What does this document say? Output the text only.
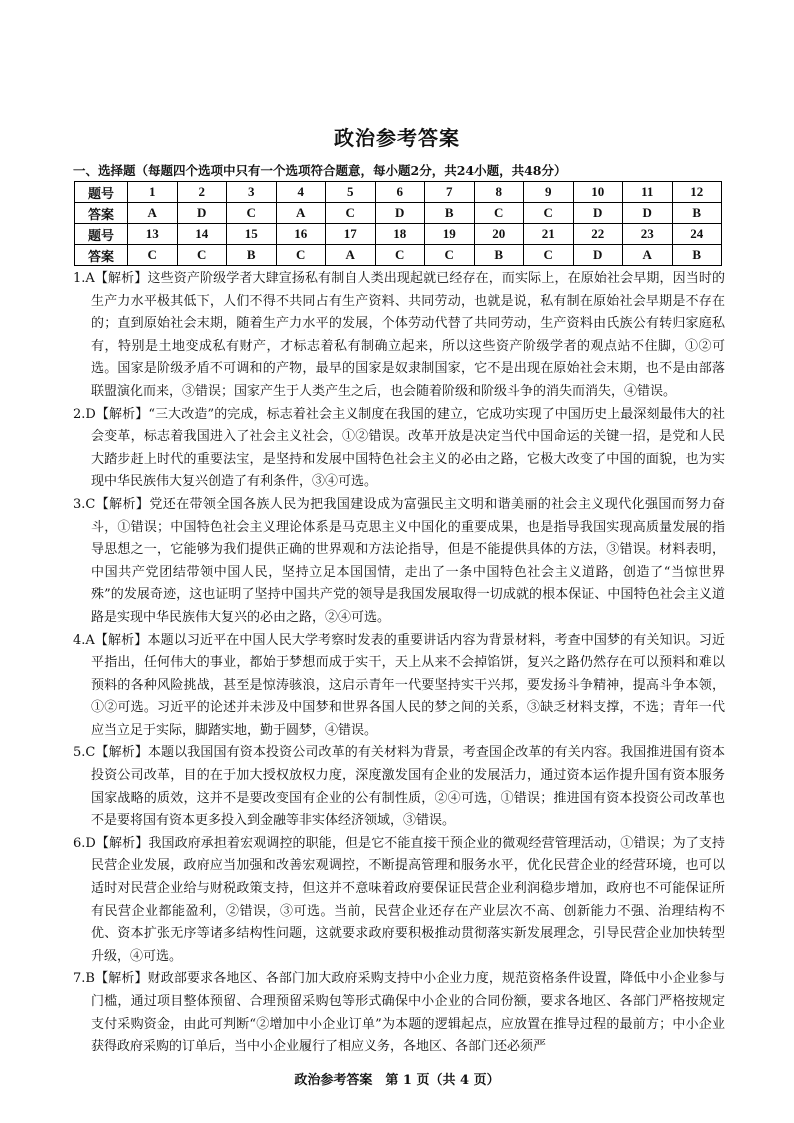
政治参考答案
一、选择题（每题四个选项中只有一个选项符合题意，每小题2分，共24小题，共48分）
题号	1	2	3	4	5	6	7	8	9	10	11	12
答案	A	D	C	A	C	D	B	C	C	D	D	B
题号	13	14	15	16	17	18	19	20	21	22	23	24
答案	C	C	B	C	A	C	C	B	C	D	A	B
1.A【解析】这些资产阶级学者大肆宣扬私有制自人类出现起就已经存在，而实际上，在原始社会早期，因当时的生产力水平极其低下，人们不得不共同占有生产资料、共同劳动，也就是说，私有制在原始社会早期是不存在的；直到原始社会末期，随着生产力水平的发展，个体劳动代替了共同劳动，生产资料由氏族公有转归家庭私有，特别是土地变成私有财产，才标志着私有制确立起来，所以这些资产阶级学者的观点站不住脚，①②可选。国家是阶级矛盾不可调和的产物，最早的国家是奴隶制国家，它不是出现在原始社会末期，也不是由部落联盟演化而来，③错误；国家产生于人类产生之后，也会随着阶级和阶级斗争的消失而消失，④错误。
2.D【解析】“三大改造”的完成，标志着社会主义制度在我国的建立，它成功实现了中国历史上最深刻最伟大的社会变革，标志着我国进入了社会主义社会，①②错误。改革开放是决定当代中国命运的关键一招，是党和人民大踏步赶上时代的重要法宝，是坚持和发展中国特色社会主义的必由之路，它极大改变了中国的面貌，也为实现中华民族伟大复兴创造了有利条件，③④可选。
3.C【解析】党还在带领全国各族人民为把我国建设成为富强民主文明和谐美丽的社会主义现代化强国而努力奋斗，①错误；中国特色社会主义理论体系是马克思主义中国化的重要成果，也是指导我国实现高质量发展的指导思想之一，它能够为我们提供正确的世界观和方法论指导，但是不能提供具体的方法，③错误。材料表明，中国共产党团结带领中国人民，坚持立足本国国情，走出了一条中国特色社会主义道路，创造了“当惊世界殊”的发展奇迹，这也证明了坚持中国共产党的领导是我国发展取得一切成就的根本保证、中国特色社会主义道路是实现中华民族伟大复兴的必由之路，②④可选。
4.A【解析】本题以习近平在中国人民大学考察时发表的重要讲话内容为背景材料，考查中国梦的有关知识。习近平指出，任何伟大的事业，都始于梦想而成于实干，天上从来不会掉馅饼，复兴之路仍然存在可以预料和难以预料的各种风险挑战，甚至是惊涛骇浪，这启示青年一代要坚持实干兴邦，要发扬斗争精神，提高斗争本领，①②可选。习近平的论述并未涉及中国梦和世界各国人民的梦之间的关系，③缺乏材料支撑，不选；青年一代应当立足于实际，脚踏实地，勤于圆梦，④错误。
5.C【解析】本题以我国国有资本投资公司改革的有关材料为背景，考查国企改革的有关内容。我国推进国有资本投资公司改革，目的在于加大授权放权力度，深度激发国有企业的发展活力，通过资本运作提升国有资本服务国家战略的质效，这并不是要改变国有企业的公有制性质，②④可选，①错误；推进国有资本投资公司改革也不是要将国有资本更多投入到金融等非实体经济领域，③错误。
6.D【解析】我国政府承担着宏观调控的职能，但是它不能直接干预企业的微观经营管理活动，①错误；为了支持民营企业发展，政府应当加强和改善宏观调控，不断提高管理和服务水平，优化民营企业的经营环境，也可以适时对民营企业给与财税政策支持，但这并不意味着政府要保证民营企业利润稳步增加，政府也不可能保证所有民营企业都能盈利，②错误，③可选。当前，民营企业还存在产业层次不高、创新能力不强、治理结构不优、资本扩张无序等诸多结构性问题，这就要求政府要积极推动贯彻落实新发展理念，引导民营企业加快转型升级，④可选。
7.B【解析】财政部要求各地区、各部门加大政府采购支持中小企业力度，规范资格条件设置，降低中小企业参与门槛，通过项目整体预留、合理预留采购包等形式确保中小企业的合同份额，要求各地区、各部门严格按规定支付采购资金，由此可判断“②增加中小企业订单”为本题的逻辑起点，应放置在推导过程的最前方；中小企业获得政府采购的订单后，当中小企业履行了相应义务，各地区、各部门还必须严
政治参考答案　第 1 页（共 4 页）
